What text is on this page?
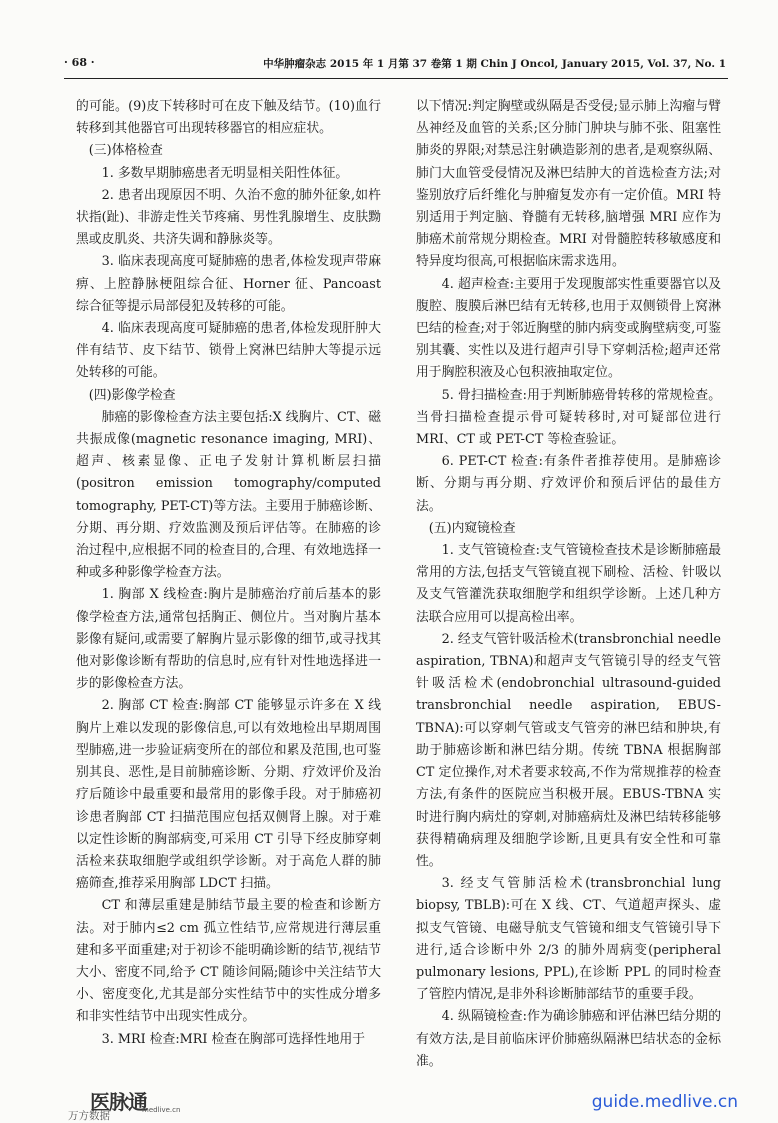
· 68 ·	中华肿瘤杂志 2015 年 1 月第 37 卷第 1 期 Chin J Oncol, January 2015, Vol. 37, No. 1

的可能。(9)皮下转移时可在皮下触及结节。(10)血行转移到其他器官可出现转移器官的相应症状。

(三)体格检查

1. 多数早期肺癌患者无明显相关阳性体征。

2. 患者出现原因不明、久治不愈的肺外征象,如杵状指(趾)、非游走性关节疼痛、男性乳腺增生、皮肤黝黑或皮肌炎、共济失调和静脉炎等。

3. 临床表现高度可疑肺癌的患者,体检发现声带麻痹、上腔静脉梗阻综合征、Horner 征、Pancoast 综合征等提示局部侵犯及转移的可能。

4. 临床表现高度可疑肺癌的患者,体检发现肝肿大伴有结节、皮下结节、锁骨上窝淋巴结肿大等提示远处转移的可能。

(四)影像学检查

肺癌的影像检查方法主要包括:X 线胸片、CT、磁共振成像(magnetic resonance imaging, MRI)、超声、核素显像、正电子发射计算机断层扫描(positron emission tomography/computed tomography, PET-CT)等方法。主要用于肺癌诊断、分期、再分期、疗效监测及预后评估等。在肺癌的诊治过程中,应根据不同的检查目的,合理、有效地选择一种或多种影像学检查方法。

1. 胸部 X 线检查:胸片是肺癌治疗前后基本的影像学检查方法,通常包括胸正、侧位片。当对胸片基本影像有疑问,或需要了解胸片显示影像的细节,或寻找其他对影像诊断有帮助的信息时,应有针对性地选择进一步的影像检查方法。

2. 胸部 CT 检查:胸部 CT 能够显示许多在 X 线胸片上难以发现的影像信息,可以有效地检出早期周围型肺癌,进一步验证病变所在的部位和累及范围,也可鉴别其良、恶性,是目前肺癌诊断、分期、疗效评价及治疗后随诊中最重要和最常用的影像手段。对于肺癌初诊患者胸部 CT 扫描范围应包括双侧肾上腺。对于难以定性诊断的胸部病变,可采用 CT 引导下经皮肺穿刺活检来获取细胞学或组织学诊断。对于高危人群的肺癌筛查,推荐采用胸部 LDCT 扫描。

CT 和薄层重建是肺结节最主要的检查和诊断方法。对于肺内≤2 cm 孤立性结节,应常规进行薄层重建和多平面重建;对于初诊不能明确诊断的结节,视结节大小、密度不同,给予 CT 随诊间隔;随诊中关注结节大小、密度变化,尤其是部分实性结节中的实性成分增多和非实性结节中出现实性成分。

3. MRI 检查:MRI 检查在胸部可选择性地用于

以下情况:判定胸壁或纵隔是否受侵;显示肺上沟瘤与臂丛神经及血管的关系;区分肺门肿块与肺不张、阻塞性肺炎的界限;对禁忌注射碘造影剂的患者,是观察纵隔、肺门大血管受侵情况及淋巴结肿大的首选检查方法;对鉴别放疗后纤维化与肿瘤复发亦有一定价值。MRI 特别适用于判定脑、脊髓有无转移,脑增强 MRI 应作为肺癌术前常规分期检查。MRI 对骨髓腔转移敏感度和特异度均很高,可根据临床需求选用。

4. 超声检查:主要用于发现腹部实性重要器官以及腹腔、腹膜后淋巴结有无转移,也用于双侧锁骨上窝淋巴结的检查;对于邻近胸壁的肺内病变或胸壁病变,可鉴别其囊、实性以及进行超声引导下穿刺活检;超声还常用于胸腔积液及心包积液抽取定位。

5. 骨扫描检查:用于判断肺癌骨转移的常规检查。当骨扫描检查提示骨可疑转移时,对可疑部位进行 MRI、CT 或 PET-CT 等检查验证。

6. PET-CT 检查:有条件者推荐使用。是肺癌诊断、分期与再分期、疗效评价和预后评估的最佳方法。

(五)内窥镜检查

1. 支气管镜检查:支气管镜检查技术是诊断肺癌最常用的方法,包括支气管镜直视下刷检、活检、针吸以及支气管灌洗获取细胞学和组织学诊断。上述几种方法联合应用可以提高检出率。

2. 经支气管针吸活检术(transbronchial needle aspiration, TBNA)和超声支气管镜引导的经支气管针吸活检术(endobronchial ultrasound-guided transbronchial needle aspiration, EBUS-TBNA):可以穿刺气管或支气管旁的淋巴结和肿块,有助于肺癌诊断和淋巴结分期。传统 TBNA 根据胸部 CT 定位操作,对术者要求较高,不作为常规推荐的检查方法,有条件的医院应当积极开展。EBUS-TBNA 实时进行胸内病灶的穿刺,对肺癌病灶及淋巴结转移能够获得精确病理及细胞学诊断,且更具有安全性和可靠性。

3. 经支气管肺活检术(transbronchial lung biopsy, TBLB):可在 X 线、CT、气道超声探头、虚拟支气管镜、电磁导航支气管镜和细支气管镜引导下进行,适合诊断中外 2/3 的肺外周病变(peripheral pulmonary lesions, PPL),在诊断 PPL 的同时检查了管腔内情况,是非外科诊断肺部结节的重要手段。

4. 纵隔镜检查:作为确诊肺癌和评估淋巴结分期的有效方法,是目前临床评价肺癌纵隔淋巴结状态的金标准。

医脉通
medlive.cn
万方数据
guide.medlive.cn
